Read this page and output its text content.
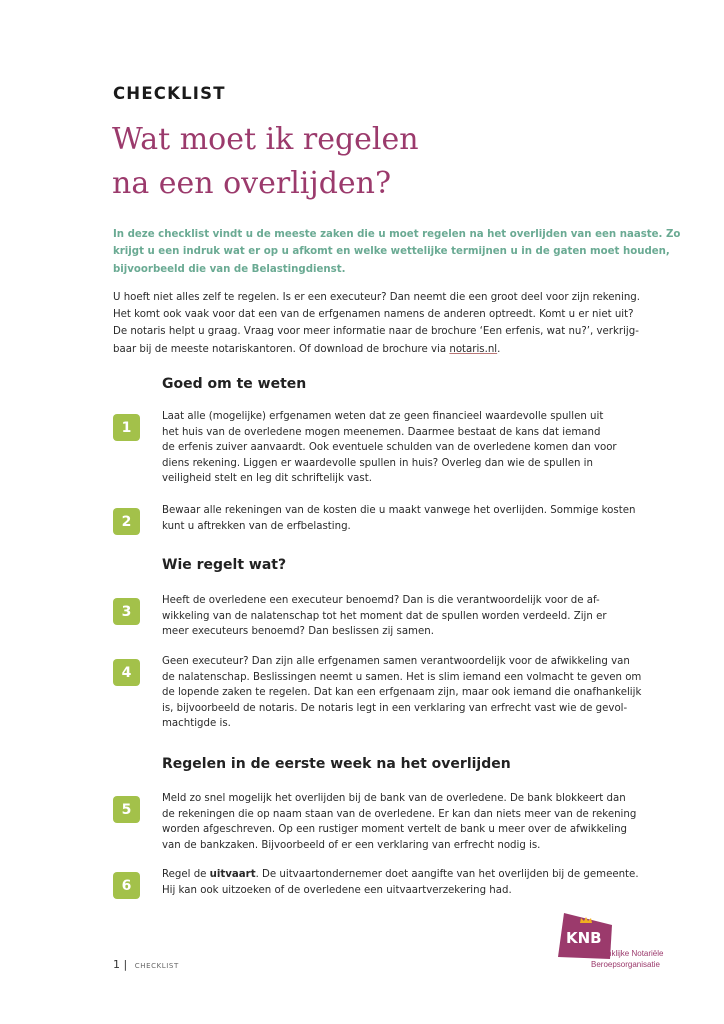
CHECKLIST
Wat moet ik regelen
na een overlijden?
In deze checklist vindt u de meeste zaken die u moet regelen na het overlijden van een naaste. Zo
krijgt u een indruk wat er op u afkomt en welke wettelijke termijnen u in de gaten moet houden,
bijvoorbeeld die van de Belastingdienst.
U hoeft niet alles zelf te regelen. Is er een executeur? Dan neemt die een groot deel voor zijn rekening.
Het komt ook vaak voor dat een van de erfgenamen namens de anderen optreedt. Komt u er niet uit?
De notaris helpt u graag. Vraag voor meer informatie naar de brochure ‘Een erfenis, wat nu?’, verkrijg-
baar bij de meeste notariskantoren. Of download de brochure via notaris.nl.
Goed om te weten
Wie regelt wat?
Regelen in de eerste week na het overlijden
1
Laat alle (mogelijke) erfgenamen weten dat ze geen financieel waardevolle spullen uit
het huis van de overledene mogen meenemen. Daarmee bestaat de kans dat iemand
de erfenis zuiver aanvaardt. Ook eventuele schulden van de overledene komen dan voor
diens rekening. Liggen er waardevolle spullen in huis? Overleg dan wie de spullen in
veiligheid stelt en leg dit schriftelijk vast.
2
Bewaar alle rekeningen van de kosten die u maakt vanwege het overlijden. Sommige kosten
kunt u aftrekken van de erfbelasting.
3
Heeft de overledene een executeur benoemd? Dan is die verantwoordelijk voor de af-
wikkeling van de nalatenschap tot het moment dat de spullen worden verdeeld. Zijn er
meer executeurs benoemd? Dan beslissen zij samen.
4
Geen executeur? Dan zijn alle erfgenamen samen verantwoordelijk voor de afwikkeling van
de nalatenschap. Beslissingen neemt u samen. Het is slim iemand een volmacht te geven om
de lopende zaken te regelen. Dat kan een erfgenaam zijn, maar ook iemand die onafhankelijk
is, bijvoorbeeld de notaris. De notaris legt in een verklaring van erfrecht vast wie de gevol-
machtigde is.
5
Meld zo snel mogelijk het overlijden bij de bank van de overledene. De bank blokkeert dan
de rekeningen die op naam staan van de overledene. Er kan dan niets meer van de rekening
worden afgeschreven. Op een rustiger moment vertelt de bank u meer over de afwikkeling
van de bankzaken. Bijvoorbeeld of er een verklaring van erfrecht nodig is.
6
Regel de uitvaart. De uitvaartondernemer doet aangifte van het overlijden bij de gemeente.
Hij kan ook uitzoeken of de overledene een uitvaartverzekering had.
1 | CHECKLIST
KNB
Koninklijke Notariële
Beroepsorganisatie
